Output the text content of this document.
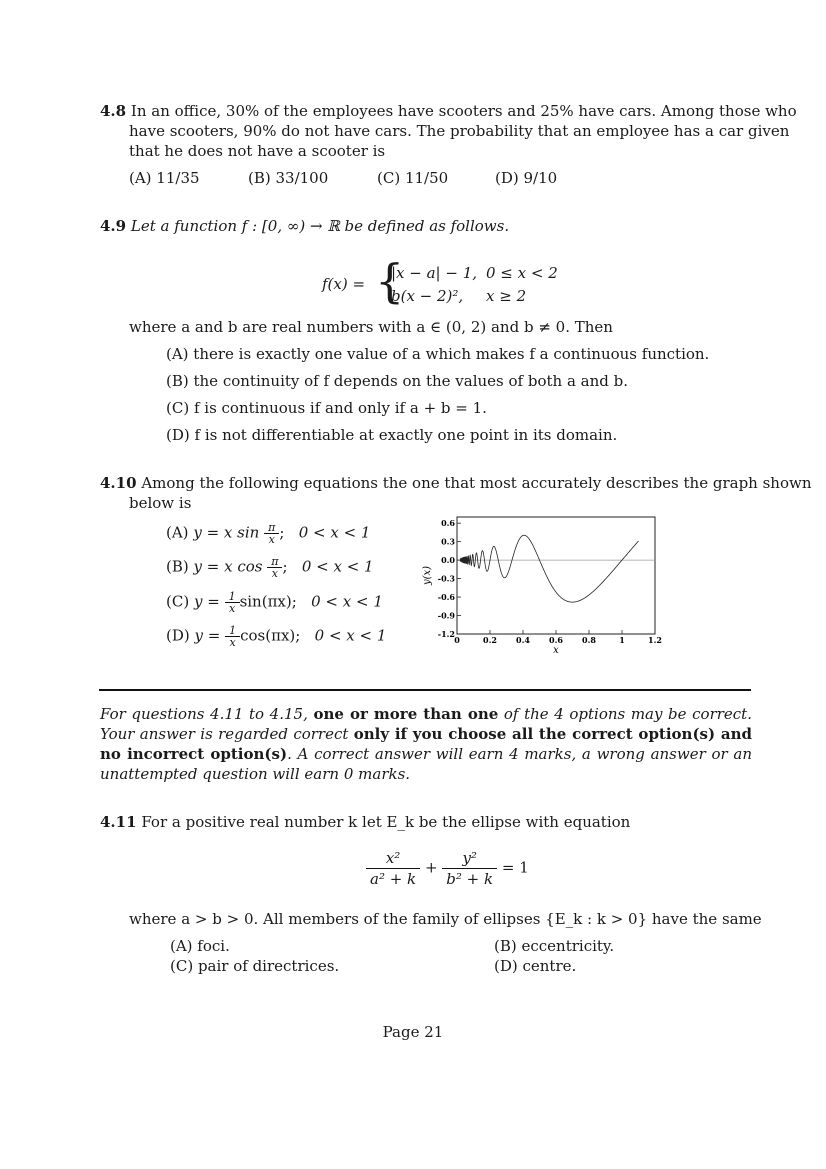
4.8 In an office, 30% of the employees have scooters and 25% have cars. Among those who
have scooters, 90% do not have cars. The probability that an employee has a car given
that he does not have a scooter is
(A) 11/35	(B) 33/100	(C) 11/50	(D) 9/10
4.9 Let a function f : [0, ∞) → ℝ be defined as follows.
f(x) = {
|x − a| − 1, 0 ≤ x < 2
b(x − 2)², x ≥ 2
where a and b are real numbers with a ∈ (0, 2) and b ≠ 0. Then
(A) there is exactly one value of a which makes f a continuous function.
(B) the continuity of f depends on the values of both a and b.
(C) f is continuous if and only if a + b = 1.
(D) f is not differentiable at exactly one point in its domain.
4.10 Among the following equations the one that most accurately describes the graph shown
below is
(A) y = x $\sin \frac{\pi}{x}$ ; 0 < x < 1
(B) y = x $\cos \frac{\pi}{x}$ ; 0 < x < 1
(C) $y = \frac{1}{x} \sin(\pi x)$; 0 < x < 1
(D) $y = \frac{1}{x} \cos(\pi x)$; 0 < x < 1	0	0.2 0.4 0.6 0.8	1	1.2
0.6
0.3
0.0
-0.3
-0.6
-0.9
-1.2
x
y(x)
For questions 4.11 to 4.15, one or more than one of the 4 options may be correct. Your answer is regarded correct only if you choose all the correct option(s) and no incorrect option(s). A correct answer will earn 4 marks, a wrong answer or an unattempted question will earn 0 marks.
4.11 For a positive real number k let E_k be the ellipse with equation
$\frac{\text{x²}}{\text{a² + k}} + \frac{\text{y²}}{\text{b² + k}} = 1$
where a > b > 0. All members of the family of ellipses {E_k : k > 0} have the same
(A) foci.	(B) eccentricity.
(C) pair of directrices.	(D) centre.
Page 21
